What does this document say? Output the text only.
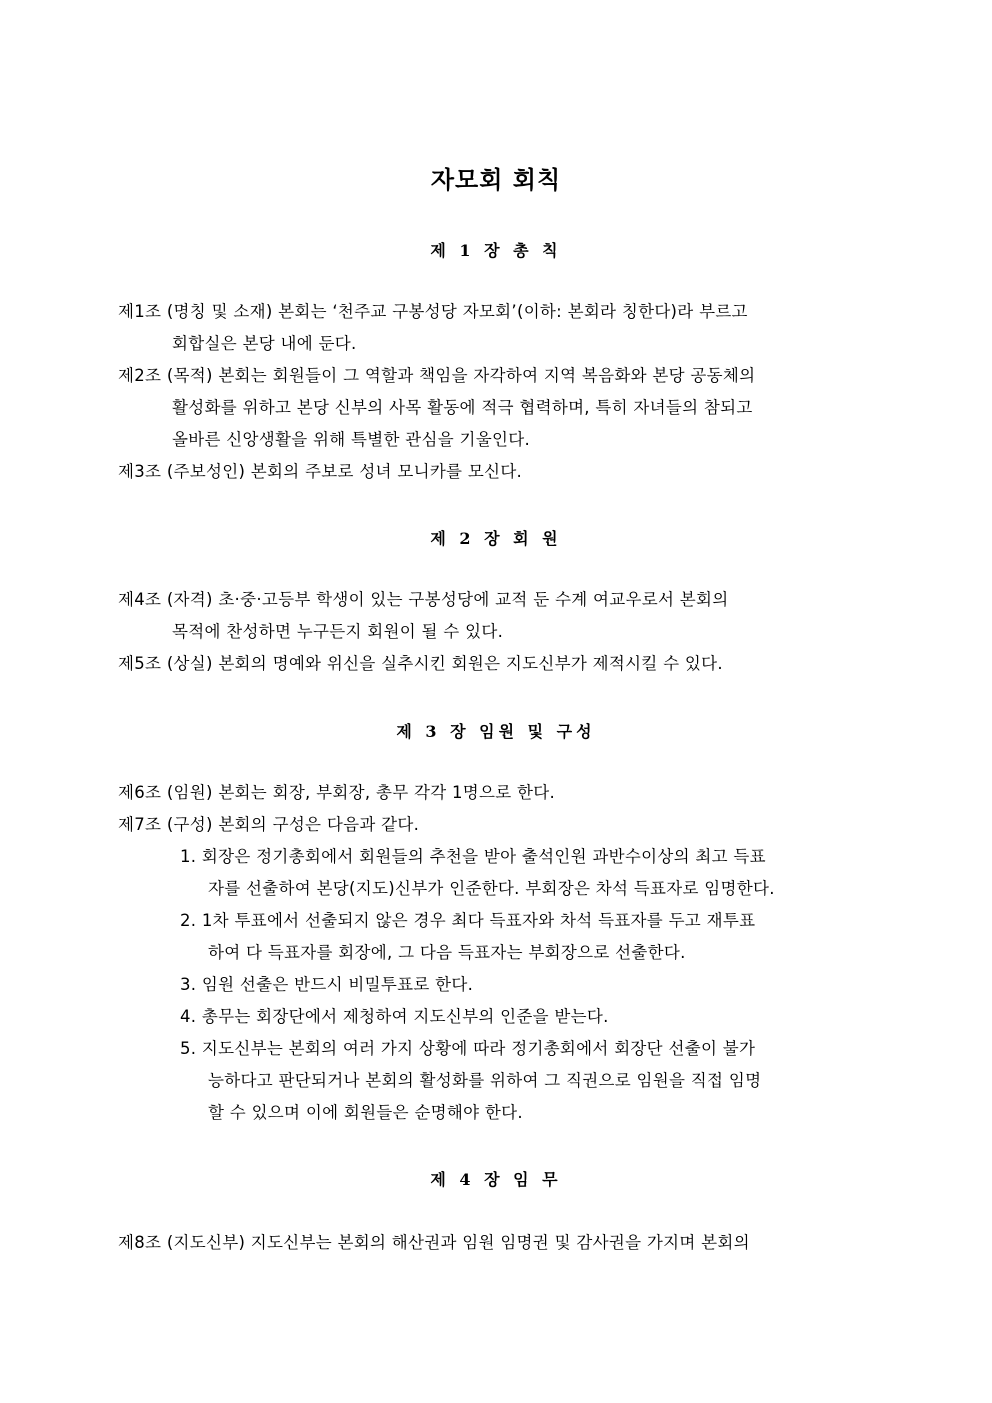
자모회 회칙
제 1 장 총 칙
제1조 (명칭 및 소재) 본회는 ‘천주교 구봉성당 자모회’(이하: 본회라 칭한다)라 부르고
회합실은 본당 내에 둔다.
제2조 (목적) 본회는 회원들이 그 역할과 책임을 자각하여 지역 복음화와 본당 공동체의
활성화를 위하고 본당 신부의 사목 활동에 적극 협력하며, 특히 자녀들의 참되고
올바른 신앙생활을 위해 특별한 관심을 기울인다.
제3조 (주보성인) 본회의 주보로 성녀 모니카를 모신다.
제 2 장 회 원
제4조 (자격) 초·중·고등부 학생이 있는 구봉성당에 교적 둔 수계 여교우로서 본회의
목적에 찬성하면 누구든지 회원이 될 수 있다.
제5조 (상실) 본회의 명예와 위신을 실추시킨 회원은 지도신부가 제적시킬 수 있다.
제 3 장 임원 및 구성
제6조 (임원) 본회는 회장, 부회장, 총무 각각 1명으로 한다.
제7조 (구성) 본회의 구성은 다음과 같다.
1. 회장은 정기총회에서 회원들의 추천을 받아 출석인원 과반수이상의 최고 득표
자를 선출하여 본당(지도)신부가 인준한다. 부회장은 차석 득표자로 임명한다.
2. 1차 투표에서 선출되지 않은 경우 최다 득표자와 차석 득표자를 두고 재투표
하여 다 득표자를 회장에, 그 다음 득표자는 부회장으로 선출한다.
3. 임원 선출은 반드시 비밀투표로 한다.
4. 총무는 회장단에서 제청하여 지도신부의 인준을 받는다.
5. 지도신부는 본회의 여러 가지 상황에 따라 정기총회에서 회장단 선출이 불가
능하다고 판단되거나 본회의 활성화를 위하여 그 직권으로 임원을 직접 임명
할 수 있으며 이에 회원들은 순명해야 한다.
제 4 장 임 무
제8조 (지도신부) 지도신부는 본회의 해산권과 임원 임명권 및 감사권을 가지며 본회의
